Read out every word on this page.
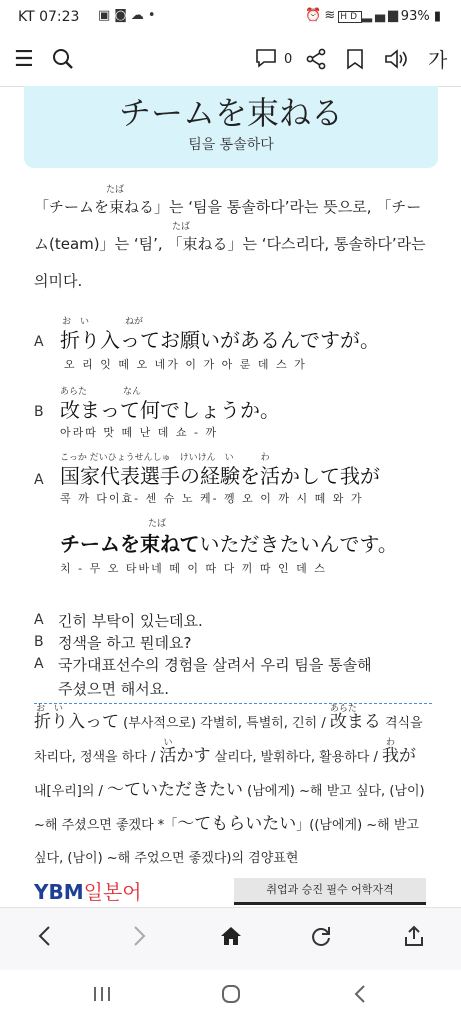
KT 07:23 ▣◙☁•	⏰≋ HD ▂▄▆ 93% ▮
☰	$^0$	가
チームを束ねる
팀을 통솔하다
たば
「チームを束ねる」는 ‘팀을 통솔하다’라는 뜻으로, 「チー
たば
ム(team)」는 ‘팀’, 「束ねる」는 ‘다스리다, 통솔하다’라는
의미다.
お　い　　　　ねが
A 折り入ってお願いがあるんですが。
오 리 잇 떼 오 네가 이 가 아 룬 데 스 가
あらた　　　　なん
B 改まって何でしょうか。
아라따 맛 떼 난 데 쇼 - 까
こっか だいひょうせんしゅ　けいけん　い　　　わ
A 国家代表選手の経験を活かして我が
콕 까 다이효- 센 슈 노 케- 껭 오 이 까 시 떼 와 가
たば
チームを束ねていただきたいんです。
치 - 무 오 타바네 떼 이 따 다 끼 따 인 데 스
A 긴히 부탁이 있는데요.
B 정색을 하고 뭔데요?
A 국가대표선수의 경험을 살려서 우리 팀을 통솔해
주셨으면 해서요.
お　い
折り入って (부사적으로) 각별히, 특별히, 긴히 /
あらた
改まる 격식을
차리다, 정색을 하다 /
い
活かす 살리다, 발휘하다, 활용하다 /
わ
我が
내[우리]의 / ～ていただきたい (남에게) ~해 받고 싶다, (남이)
~해 주셨으면 좋겠다 *「～てもらいたい」((남에게) ~해 받고
싶다, (남이) ~해 주었으면 좋겠다)의 겸양표현
YBM일본어	취업과 승진 필수 어학자격
